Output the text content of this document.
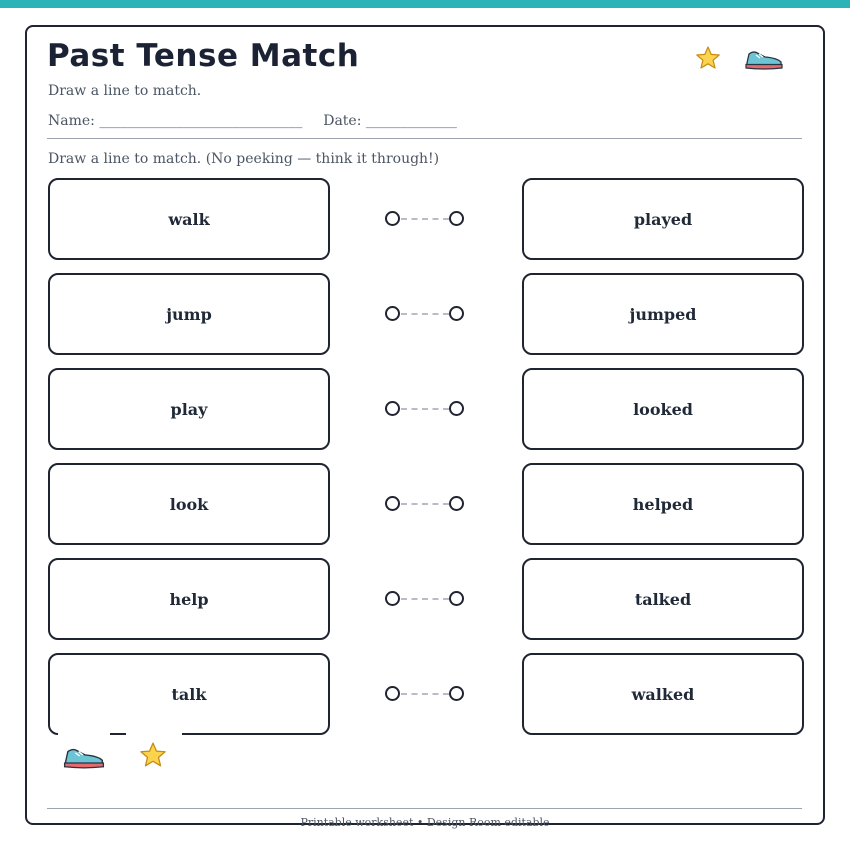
Past Tense Match
Draw a line to match.
Name: _____________________________ Date: _____________
Draw a line to match. (No peeking — think it through!)
walk	played
jump	jumped
play	looked
look	helped
help	talked
talk	walked
Printable worksheet • Design Room editable
